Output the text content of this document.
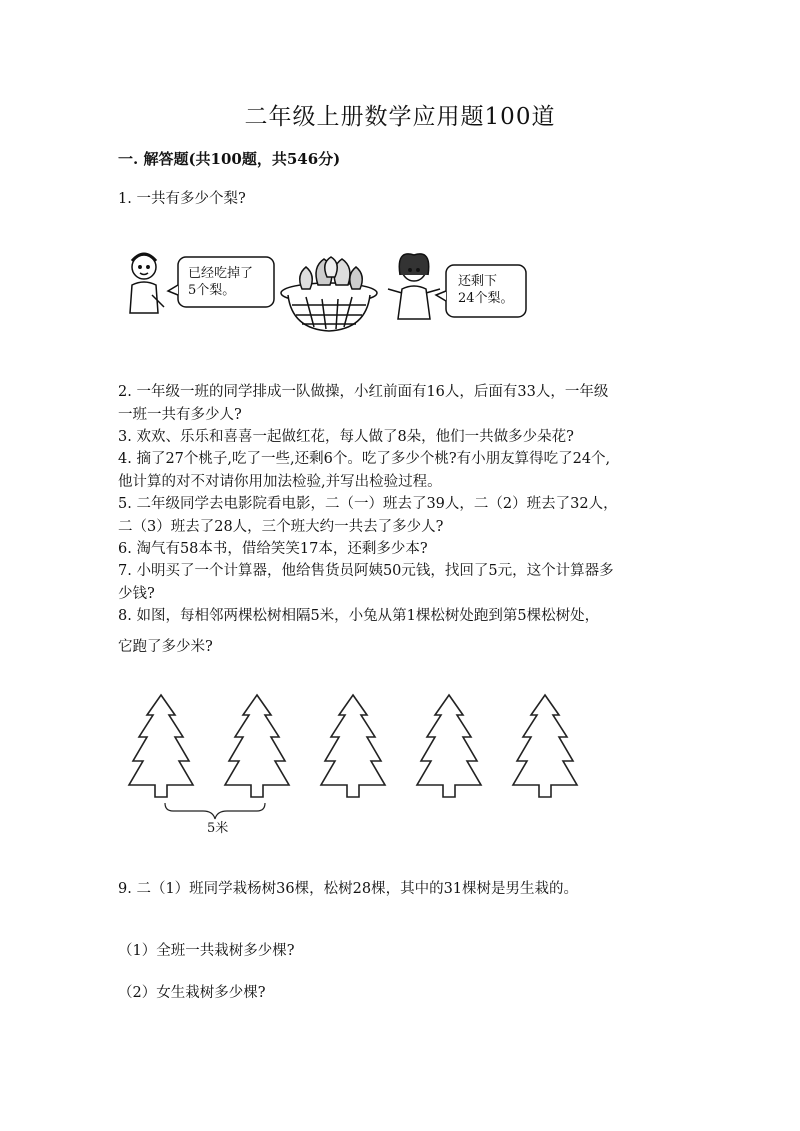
二年级上册数学应用题100道
一. 解答题(共100题，共546分)
1. 一共有多少个梨?
已经吃掉了
5个梨。
还剩下
24个梨。
2. 一年级一班的同学排成一队做操，小红前面有16人，后面有33人，一年级
一班一共有多少人?
3. 欢欢、乐乐和喜喜一起做红花，每人做了8朵，他们一共做多少朵花?
4. 摘了27个桃子,吃了一些,还剩6个。吃了多少个桃?有小朋友算得吃了24个,
他计算的对不对请你用加法检验,并写出检验过程。
5. 二年级同学去电影院看电影，二（一）班去了39人，二（2）班去了32人，
二（3）班去了28人，三个班大约一共去了多少人?
6. 淘气有58本书，借给笑笑17本，还剩多少本?
7. 小明买了一个计算器，他给售货员阿姨50元钱，找回了5元，这个计算器多
少钱?
8. 如图，每相邻两棵松树相隔5米，小兔从第1棵松树处跑到第5棵松树处，
它跑了多少米?
5米
9. 二（1）班同学栽杨树36棵，松树28棵，其中的31棵树是男生栽的。
（1）全班一共栽树多少棵?
（2）女生栽树多少棵?
